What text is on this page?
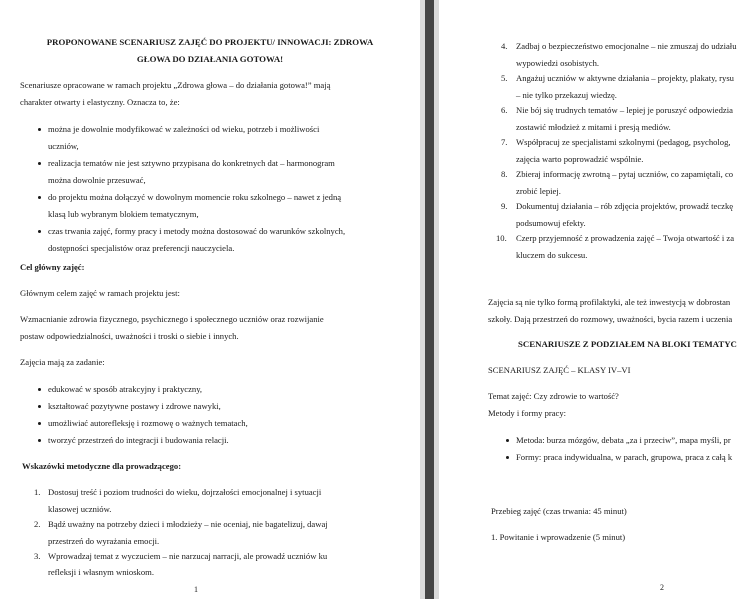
PROPONOWANE SCENARIUSZ ZAJĘĆ DO PROJEKTU/ INNOWACJI: ZDROWA
GŁOWA DO DZIAŁANIA GOTOWA!
Scenariusze opracowane w ramach projektu „Zdrowa głowa – do działania gotowa!” mają
charakter otwarty i elastyczny. Oznacza to, że:
można je dowolnie modyfikować w zależności od wieku, potrzeb i możliwości
uczniów,
realizacja tematów nie jest sztywno przypisana do konkretnych dat – harmonogram
można dowolnie przesuwać,
do projektu można dołączyć w dowolnym momencie roku szkolnego – nawet z jedną
klasą lub wybranym blokiem tematycznym,
czas trwania zajęć, formy pracy i metody można dostosować do warunków szkolnych,
dostępności specjalistów oraz preferencji nauczyciela.
Cel główny zajęć:
Głównym celem zajęć w ramach projektu jest:
Wzmacnianie zdrowia fizycznego, psychicznego i społecznego uczniów oraz rozwijanie
postaw odpowiedzialności, uważności i troski o siebie i innych.
Zajęcia mają za zadanie:
edukować w sposób atrakcyjny i praktyczny,
kształtować pozytywne postawy i zdrowe nawyki,
umożliwiać autorefleksję i rozmowę o ważnych tematach,
tworzyć przestrzeń do integracji i budowania relacji.
Wskazówki metodyczne dla prowadzącego:
1. Dostosuj treść i poziom trudności do wieku, dojrzałości emocjonalnej i sytuacji
klasowej uczniów.
2. Bądź uważny na potrzeby dzieci i młodzieży – nie oceniaj, nie bagatelizuj, dawaj
przestrzeń do wyrażania emocji.
3. Wprowadzaj temat z wyczuciem – nie narzucaj narracji, ale prowadź uczniów ku
refleksji i własnym wnioskom.
1
4. Zadbaj o bezpieczeństwo emocjonalne – nie zmuszaj do udziału
wypowiedzi osobistych.
5. Angażuj uczniów w aktywne działania – projekty, plakaty, rysu
– nie tylko przekazuj wiedzę.
6. Nie bój się trudnych tematów – lepiej je poruszyć odpowiedzia
zostawić młodzież z mitami i presją mediów.
7. Współpracuj ze specjalistami szkolnymi (pedagog, psycholog,
zajęcia warto poprowadzić wspólnie.
8. Zbieraj informację zwrotną – pytaj uczniów, co zapamiętali, co
zrobić lepiej.
9. Dokumentuj działania – rób zdjęcia projektów, prowadź teczkę
podsumowuj efekty.
10. Czerp przyjemność z prowadzenia zajęć – Twoja otwartość i za
kluczem do sukcesu.
Zajęcia są nie tylko formą profilaktyki, ale też inwestycją w dobrostan
szkoły. Dają przestrzeń do rozmowy, uważności, bycia razem i uczenia
SCENARIUSZE Z PODZIAŁEM NA BLOKI TEMATYC
SCENARIUSZ ZAJĘĆ – KLASY IV–VI
Temat zajęć: Czy zdrowie to wartość?
Metody i formy pracy:
Metoda: burza mózgów, debata „za i przeciw”, mapa myśli, pr
Formy: praca indywidualna, w parach, grupowa, praca z całą k
Przebieg zajęć (czas trwania: 45 minut)
1. Powitanie i wprowadzenie (5 minut)
2
